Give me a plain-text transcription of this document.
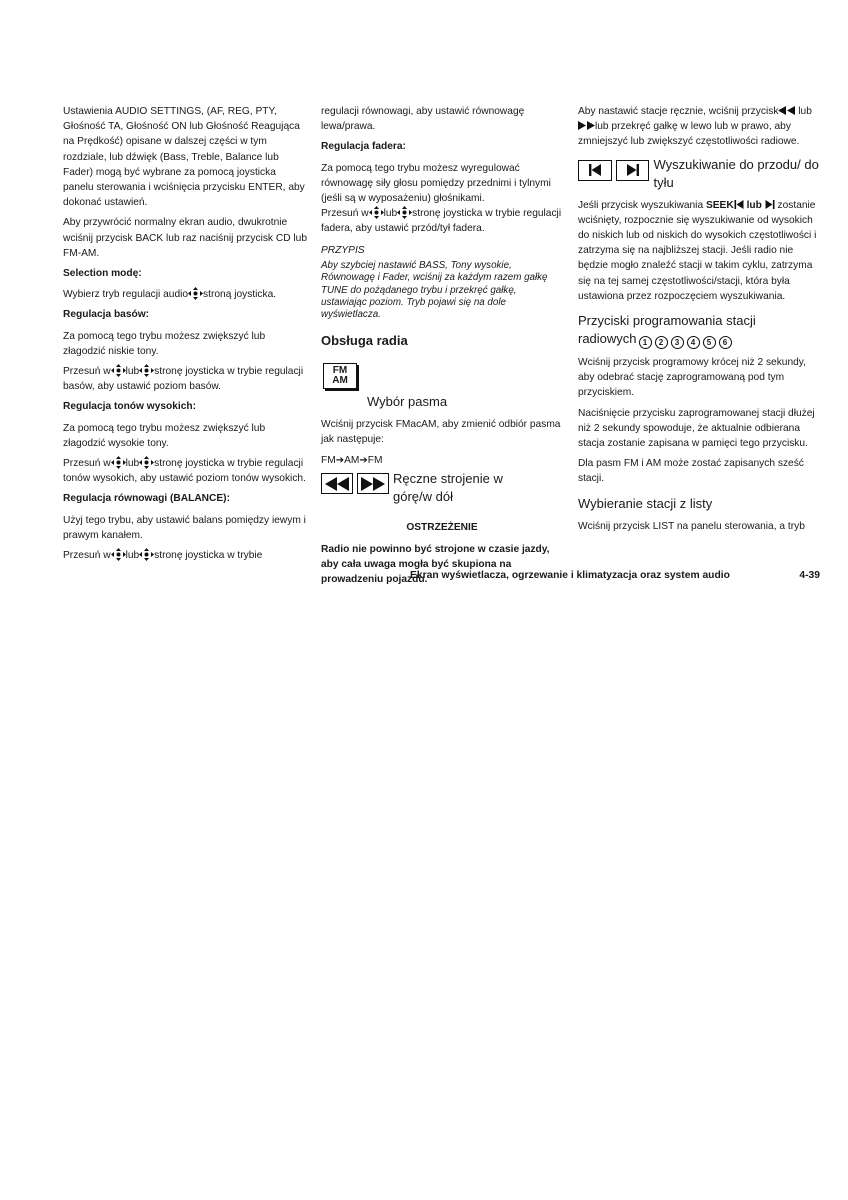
Ustawienia AUDIO SETTINGS, (AF, REG, PTY, Głośność TA, Głośność ON lub Głośność Reagująca na Prędkość) opisane w dalszej części w tym rozdziale, lub dźwięk (Bass, Treble, Balance lub Fader) mogą być wybrane za pomocą joysticka panelu sterowania i wciśnięcia przycisku ENTER, aby dokonać ustawień.

Aby przywrócić normalny ekran audio, dwukrotnie wciśnij przycisk BACK lub raz naciśnij przycisk CD lub FM-AM.

Selection modę:

Wybierz tryb regulacji audio stroną joysticka.

Regulacja basów:

Za pomocą tego trybu możesz zwiększyć lub złagodzić niskie tony.

Przesuń w lub stronę joysticka w trybie regulacji basów, aby ustawić poziom basów.

Regulacja tonów wysokich:

Za pomocą tego trybu możesz zwiększyć lub złagodzić wysokie tony.

Przesuń w lub stronę joysticka w trybie regulacji tonów wysokich, aby ustawić poziom tonów wysokich.

Regulacja równowagi (BALANCE):

Użyj tego trybu, aby ustawić balans pomiędzy iewym i prawym kanałem.

Przesuń w lub stronę joysticka w trybie

regulacji równowagi, aby ustawić równowagę lewa/prawa.

Regulacja fadera:

Za pomocą tego trybu możesz wyregulować równowagę siły głosu pomiędzy przednimi i tylnymi (jeśli są w wyposażeniu) głośnikami.

Przesuń w lub stronę joysticka w trybie regulacji fadera, aby ustawić przód/tył fadera.

PRZYPIS

Aby szybciej nastawić BASS, Tony wysokie, Równowagę i Fader, wciśnij za każdym razem gałkę TUNE do pożądanego trybu i przekręć gałkę, ustawiając poziom. Tryb pojawi się na dole wyświetlacza.

Obsługa radia
FM
AM
Wybór pasma

Wciśnij przycisk FMacAM, aby zmienić odbiór pasma jak następuje:

FM➔AM➔FM

Ręczne strojenie w górę/w dół

OSTRZEŻENIE

Radio nie powinno być strojone w czasie jazdy, aby cała uwaga mogła być skupiona na prowadzeniu pojazdu.

Aby nastawić stacje ręcznie, wciśnij przycisk lub
lub przekręć gałkę w lewo lub w prawo, aby zmniejszyć lub zwiększyć częstotliwości radiowe.

Wyszukiwanie do przodu/ do tyłu

Jeśli przycisk wyszukiwania SEEK lub zostanie wciśnięty, rozpocznie się wyszukiwanie od wysokich do niskich lub od niskich do wysokich częstotliwości i zatrzyma się na najbliższej stacji. Jeśli radio nie będzie mogło znaleźć stacji w takim cyklu, zatrzyma się na tej samej częstotliwości/stacji, która była ustawiona przez rozpoczęciem wyszukiwania.

Przyciski programowania stacji
radiowych 1	2	3	4	5	6

Wciśnij przycisk programowy krócej niż 2 sekundy, aby odebrać stację zaprogramowaną pod tym przyciskiem.

Naciśnięcie przycisku zaprogramowanej stacji dłużej niż 2 sekundy spowoduje, że aktualnie odbierana stacja zostanie zapisana w pamięci tego przycisku.

Dla pasm FM i AM może zostać zapisanych sześć stacji.

Wybieranie stacji z listy

Wciśnij przycisk LIST na panelu sterowania, a tryb

Ekran wyświetlacza, ogrzewanie i klimatyzacja oraz system audio	4-39
